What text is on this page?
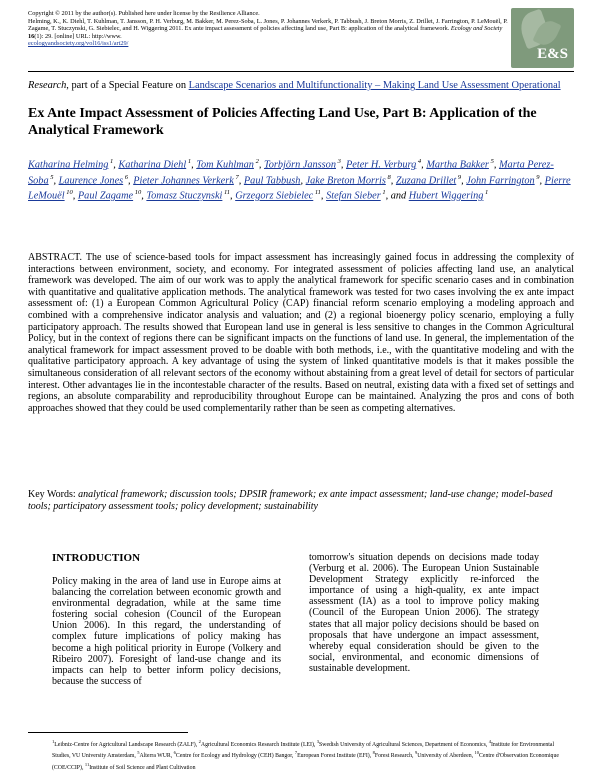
Copyright © 2011 by the author(s). Published here under license by the Resilience Alliance.
Helming, K., K. Diehl, T. Kuhlman, T. Jansson, P. H. Verburg, M. Bakker, M. Perez-Soba, L. Jones, P. Johannes Verkerk, P. Tabbush, J. Breton Morris, Z. Drillet, J. Farrington, P. LeMouël, P. Zagame, T. Stuczynski, G. Siebielec, and H. Wiggering 2011. Ex ante impact assessment of policies affecting land use, Part B: application of the analytical framework. Ecology and Society 16(1): 29. [online] URL: http://www.
ecologyandsociety.org/vol16/iss1/art29/
E&S
Research, part of a Special Feature on Landscape Scenarios and Multifunctionality – Making Land Use Assessment Operational
Ex Ante Impact Assessment of Policies Affecting Land Use, Part B: Application of the Analytical Framework
Katharina Helming $^1$, Katharina Diehl $^1$, Tom Kuhlman $^2$, Torbjörn Jansson $^3$, Peter H. Verburg $^4$, Martha Bakker $^5$, Marta Perez-Soba $^5$, Laurence Jones $^6$, Pieter Johannes Verkerk $^7$, Paul Tabbush, Jake Breton Morris $^8$, Zuzana Drillet $^9$, John Farrington $^9$, Pierre LeMouël $^{10}$, Paul Zagame $^{10}$, Tomasz Stuczynski $^{11}$, Grzegorz Siebielec $^{11}$, Stefan Sieber $^1$, and Hubert Wiggering $^1$

ABSTRACT. The use of science-based tools for impact assessment has increasingly gained focus in addressing the complexity of interactions between environment, society, and economy. For integrated assessment of policies affecting land use, an analytical framework was developed. The aim of our work was to apply the analytical framework for specific scenario cases and in combination with quantitative and qualitative application methods. The analytical framework was tested for two cases involving the ex ante impact assessment of: (1) a European Common Agricultural Policy (CAP) financial reform scenario employing a modeling approach and combined with a comprehensive indicator analysis and valuation; and (2) a regional bioenergy policy scenario, employing a fully participatory approach. The results showed that European land use in general is less sensitive to changes in the Common Agricultural Policy, but in the context of regions there can be significant impacts on the functions of land use. In general, the implementation of the analytical framework for impact assessment proved to be doable with both methods, i.e., with the quantitative modeling and with the qualitative participatory approach. A key advantage of using the system of linked quantitative models is that it makes possible the simultaneous consideration of all relevant sectors of the economy without abstaining from a great level of detail for sectors of particular interest. Other advantages lie in the incontestable character of the results. Based on neutral, existing data with a fixed set of settings and regions, an absolute comparability and reproducibility throughout Europe can be maintained. Analyzing the pros and cons of both approaches showed that they could be used complementarily rather than be seen as competing alternatives.

Key Words: analytical framework; discussion tools; DPSIR framework; ex ante impact assessment; land-use change; model-based tools; participatory assessment tools; policy development; sustainability

INTRODUCTION

Policy making in the area of land use in Europe aims at balancing the correlation between economic growth and environmental degradation, while at the same time fostering social cohesion (Council of the European Union 2006). In this regard, the understanding of complex future implications of policy making has become a high political priority in Europe (Volkery and Ribeiro 2007). Foresight of land-use change and its impacts can help to better inform policy decisions, because the success of

tomorrow's situation depends on decisions made today (Verburg et al. 2006). The European Union Sustainable Development Strategy explicitly re-inforced the importance of using a high-quality, ex ante impact assessment (IA) as a tool to improve policy making (Council of the European Union 2006). The strategy states that all major policy decisions should be based on proposals that have undergone an impact assessment, whereby equal consideration should be given to the social, environmental, and economic dimensions of sustainable development.

$^1$Leibniz-Centre for Agricultural Landscape Research (ZALF), $^2$Agricultural Economics Research Institute (LEI), $^3$Swedish University of Agricultural Sciences, Department of Economics, $^4$Institute for Environmental Studies, VU University Amsterdam, $^5$Alterra WUR, $^6$Centre for Ecology and Hydrology (CEH) Bangor, $^7$European Forest Institute (EFI), $^8$Forest Research, $^9$University of Aberdeen, $^{10}$Centre d'Observation Economique (COE/CCIP), $^{11}$Institute of Soil Science and Plant Cultivation
